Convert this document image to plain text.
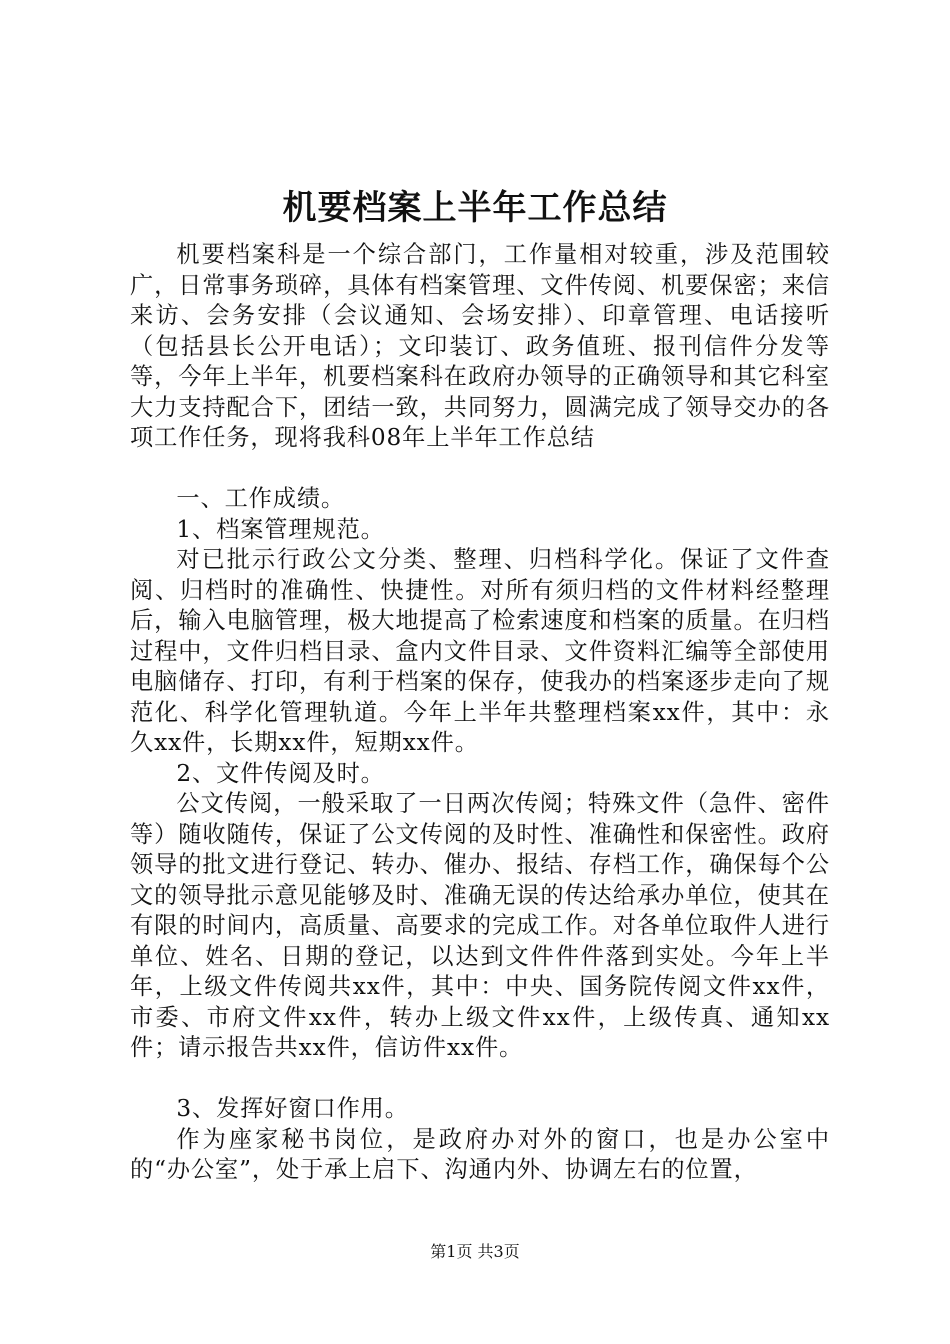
机要档案上半年工作总结

机要档案科是一个综合部门，工作量相对较重，涉及范围较广，日常事务琐碎，具体有档案管理、文件传阅、机要保密；来信来访、会务安排（会议通知、会场安排）、印章管理、电话接听（包括县长公开电话）；文印装订、政务值班、报刊信件分发等等，今年上半年，机要档案科在政府办领导的正确领导和其它科室大力支持配合下，团结一致，共同努力，圆满完成了领导交办的各项工作任务，现将我科08年上半年工作总结

一、工作成绩。

1、档案管理规范。

对已批示行政公文分类、整理、归档科学化。保证了文件查阅、归档时的准确性、快捷性。对所有须归档的文件材料经整理后，输入电脑管理，极大地提高了检索速度和档案的质量。在归档过程中，文件归档目录、盒内文件目录、文件资料汇编等全部使用电脑储存、打印，有利于档案的保存，使我办的档案逐步走向了规范化、科学化管理轨道。今年上半年共整理档案xx件，其中：永久xx件，长期xx件，短期xx件。

2、文件传阅及时。

公文传阅，一般采取了一日两次传阅；特殊文件（急件、密件等）随收随传，保证了公文传阅的及时性、准确性和保密性。政府领导的批文进行登记、转办、催办、报结、存档工作，确保每个公文的领导批示意见能够及时、准确无误的传达给承办单位，使其在有限的时间内，高质量、高要求的完成工作。对各单位取件人进行单位、姓名、日期的登记，以达到文件件件落到实处。今年上半年，上级文件传阅共xx件，其中：中央、国务院传阅文件xx件，市委、市府文件xx件，转办上级文件xx件，上级传真、通知xx件；请示报告共xx件，信访件xx件。

3、发挥好窗口作用。

作为座家秘书岗位，是政府办对外的窗口，也是办公室中的“办公室”，处于承上启下、沟通内外、协调左右的位置，

第1页 共3页
